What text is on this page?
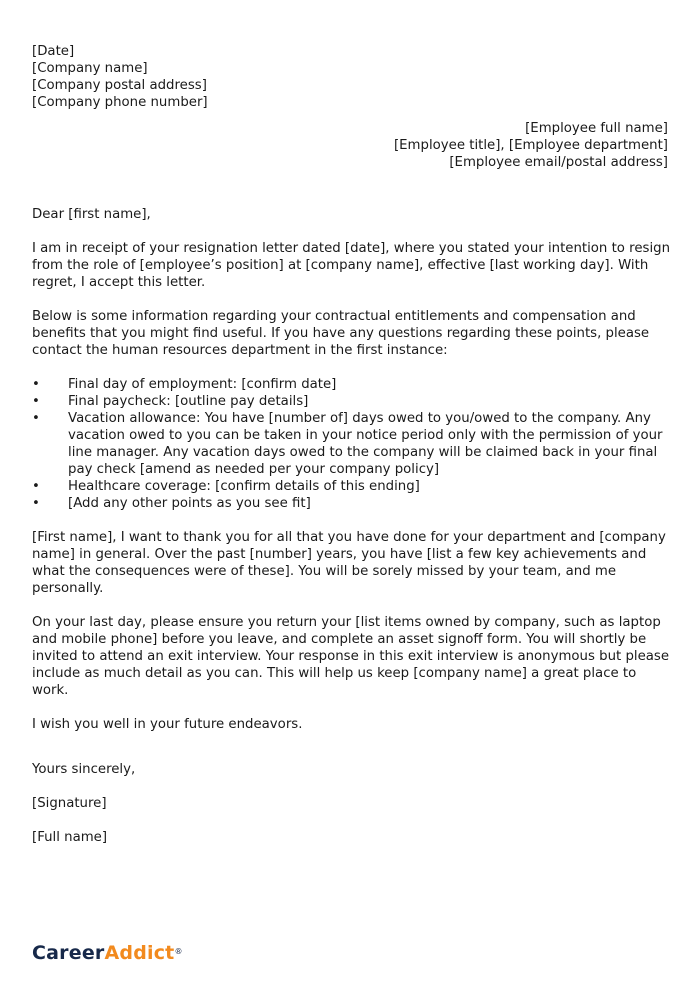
[Date]
[Company name]
[Company postal address]
[Company phone number]
[Employee full name]
[Employee title], [Employee department]
[Employee email/postal address]

Dear [first name],

I am in receipt of your resignation letter dated [date], where you stated your intention to resign from the role of [employee’s position] at [company name], effective [last working day]. With regret, I accept this letter.

Below is some information regarding your contractual entitlements and compensation and benefits that you might find useful. If you have any questions regarding these points, please contact the human resources department in the first instance:

• Final day of employment: [confirm date]
• Final paycheck: [outline pay details]
• Vacation allowance: You have [number of] days owed to you/owed to the company. Any vacation owed to you can be taken in your notice period only with the permission of your line manager. Any vacation days owed to the company will be claimed back in your final pay check [amend as needed per your company policy]
• Healthcare coverage: [confirm details of this ending]
• [Add any other points as you see fit]

[First name], I want to thank you for all that you have done for your department and [company name] in general. Over the past [number] years, you have [list a few key achievements and what the consequences were of these]. You will be sorely missed by your team, and me personally.

On your last day, please ensure you return your [list items owned by company, such as laptop and mobile phone] before you leave, and complete an asset signoff form. You will shortly be invited to attend an exit interview. Your response in this exit interview is anonymous but please include as much detail as you can. This will help us keep [company name] a great place to work.

I wish you well in your future endeavors.

Yours sincerely,

[Signature]

[Full name]

CareerAddict®
